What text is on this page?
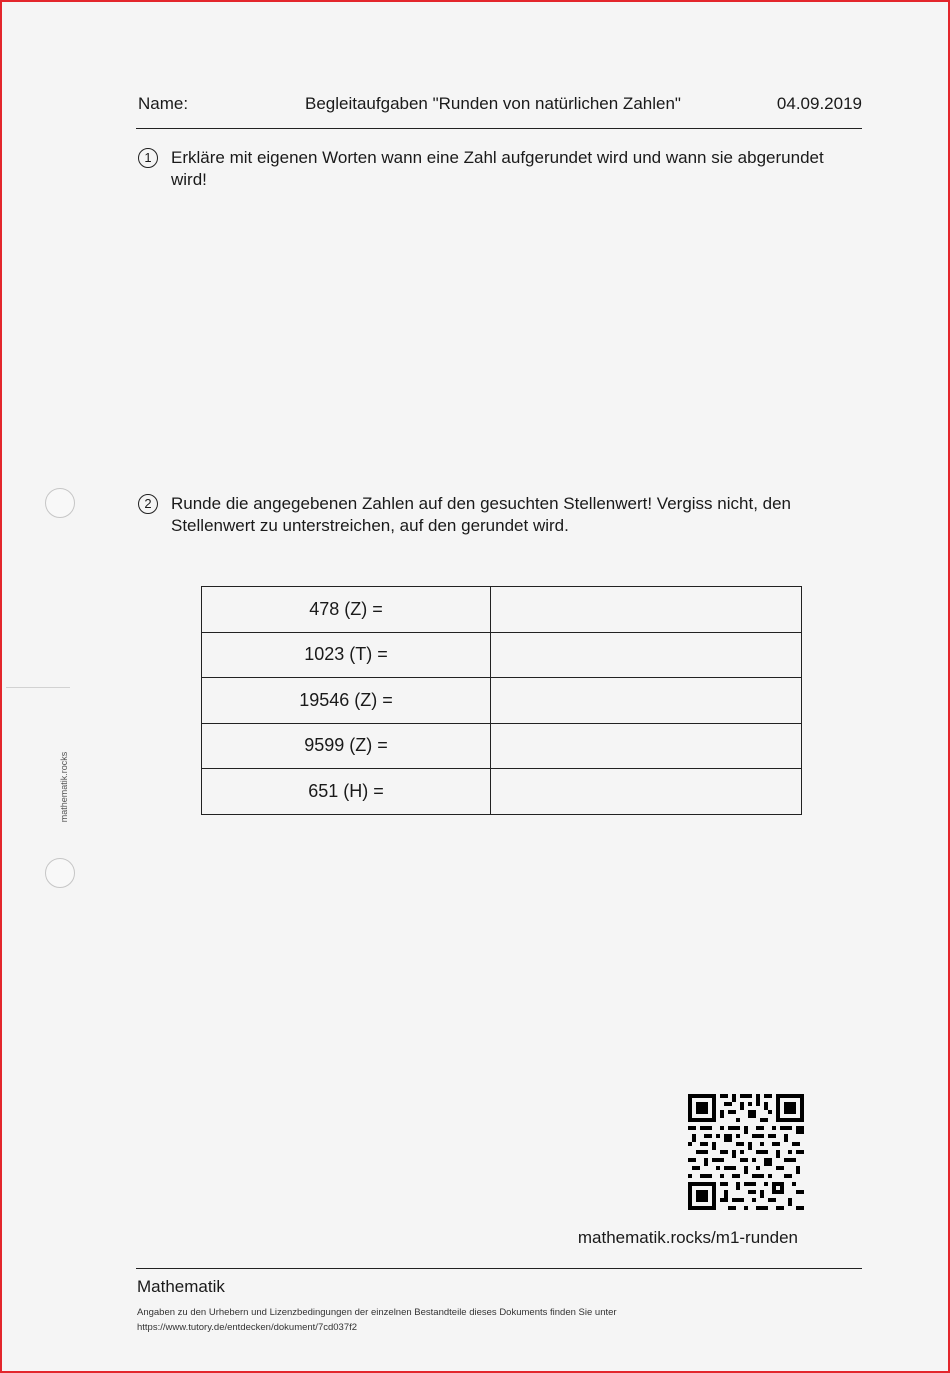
Name:	Begleitaufgaben "Runden von natürlichen Zahlen"	04.09.2019
1	Erkläre mit eigenen Worten wann eine Zahl aufgerundet wird und wann sie abgerundet wird!
2	Runde die angegebenen Zahlen auf den gesuchten Stellenwert! Vergiss nicht, den Stellenwert zu unterstreichen, auf den gerundet wird.
mathematik.rocks
478 (Z) =	
1023 (T) =	
19546 (Z) =	
9599 (Z) =	
651 (H) =	
mathematik.rocks/m1-runden
Mathematik
Angaben zu den Urhebern und Lizenzbedingungen der einzelnen Bestandteile dieses Dokuments finden Sie unter
https://www.tutory.de/entdecken/dokument/7cd037f2
